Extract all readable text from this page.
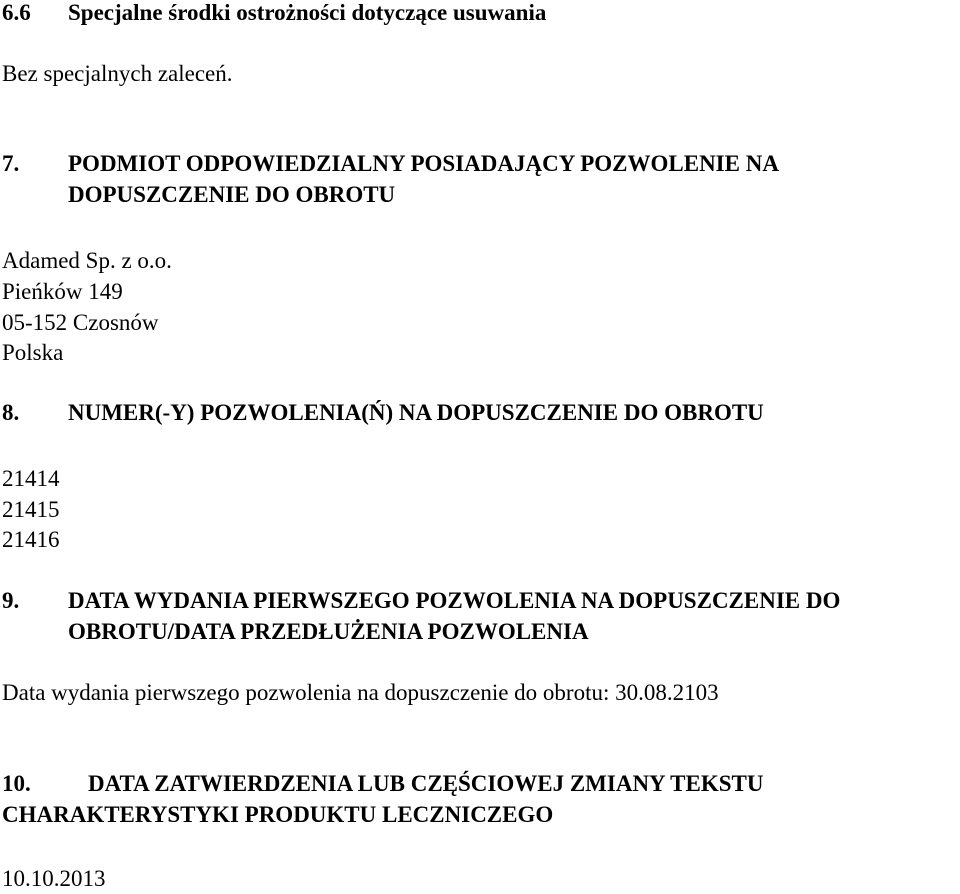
6.6 Specjalne środki ostrożności dotyczące usuwania
Bez specjalnych zaleceń.
7. PODMIOT ODPOWIEDZIALNY POSIADAJĄCY POZWOLENIE NA
DOPUSZCZENIE DO OBROTU
Adamed Sp. z o.o.
Pieńków 149
05-152 Czosnów
Polska
8. NUMER(-Y) POZWOLENIA(Ń) NA DOPUSZCZENIE DO OBROTU
21414
21415
21416
9. DATA WYDANIA PIERWSZEGO POZWOLENIA NA DOPUSZCZENIE DO
OBROTU/DATA PRZEDŁUŻENIA POZWOLENIA
Data wydania pierwszego pozwolenia na dopuszczenie do obrotu: 30.08.2103
10. DATA ZATWIERDZENIA LUB CZĘŚCIOWEJ ZMIANY TEKSTU
CHARAKTERYSTYKI PRODUKTU LECZNICZEGO
10.10.2013
